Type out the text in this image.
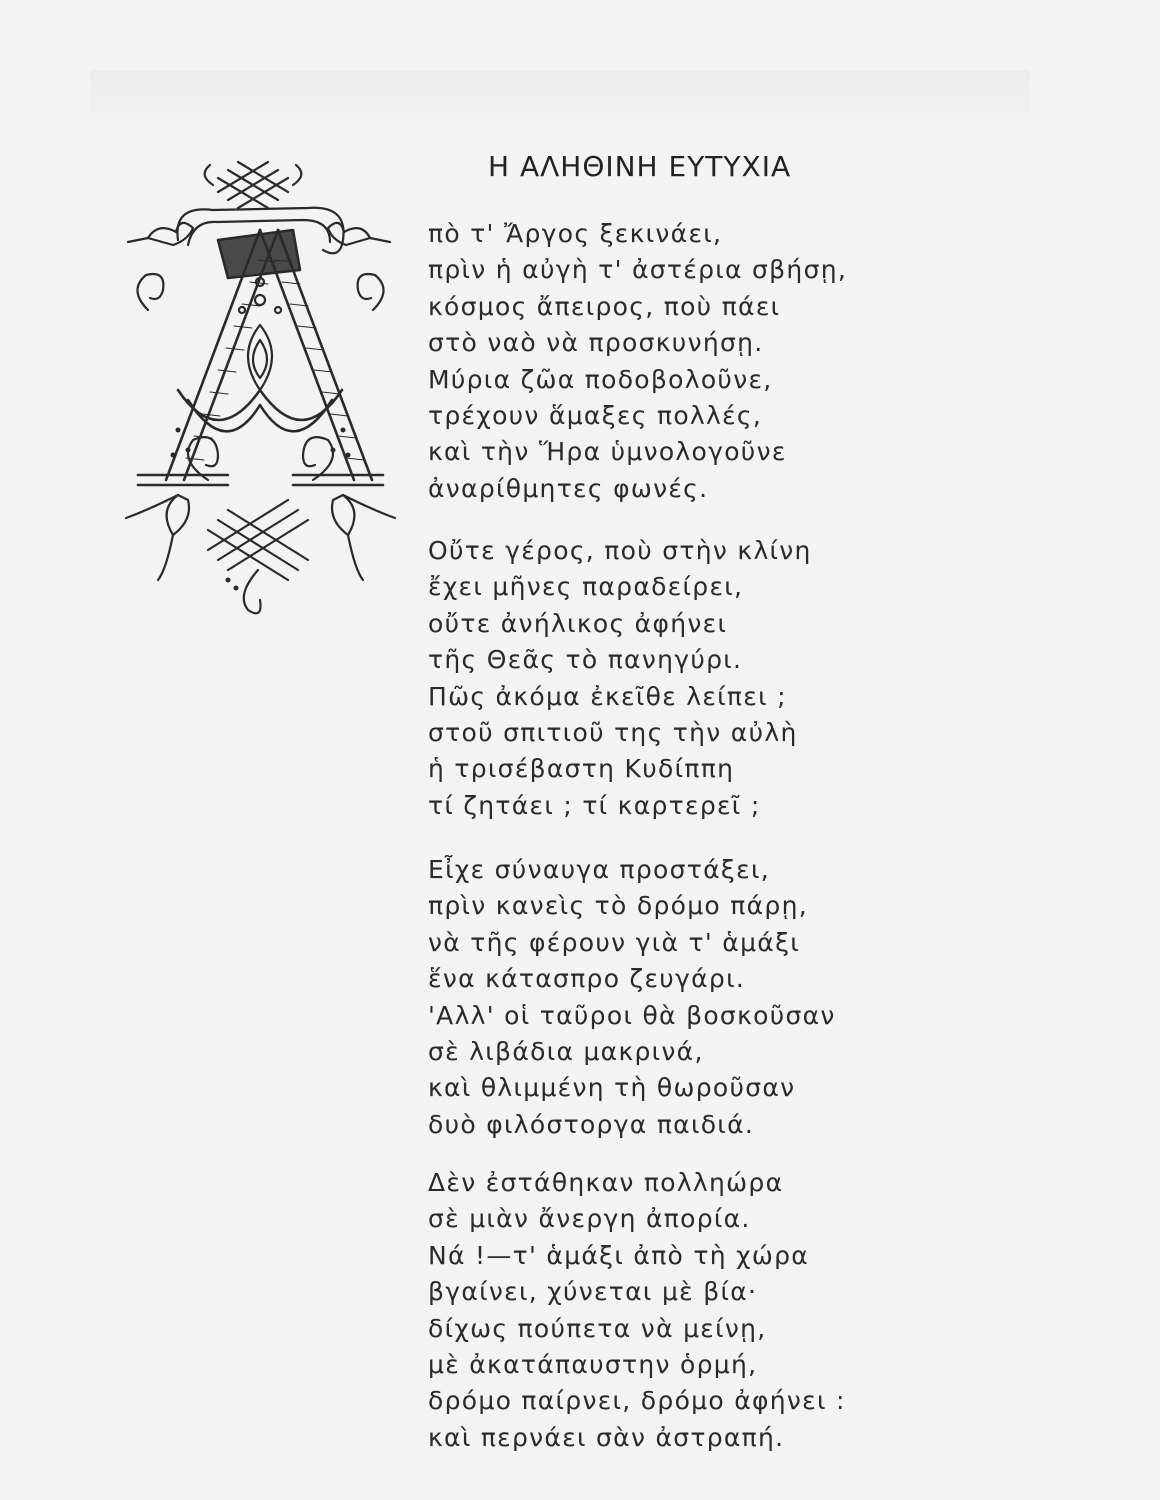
Η ΑΛΗΘΙΝΗ ΕΥΤΥΧΙΑ
πὸ τ' Ἄργος ξεκινάει,
πρὶν ἡ αὐγὴ τ' ἀστέρια σβήσῃ,
κόσμος ἄπειρος, ποὺ πάει
στὸ ναὸ νὰ προσκυνήσῃ.
Μύρια ζῶα ποδοβολοῦνε,
τρέχουν ἅμαξες πολλές,
καὶ τὴν Ἥρα ὑμνολογοῦνε
ἀναρίθμητες φωνές.
Οὔτε γέρος, ποὺ στὴν κλίνη
ἔχει μῆνες παραδείρει,
οὔτε ἀνήλικος ἀφήνει
τῆς Θεᾶς τὸ πανηγύρι.
Πῶς ἀκόμα ἐκεῖθε λείπει ;
στοῦ σπιτιοῦ της τὴν αὐλὴ
ἡ τρισέβαστη Κυδίππη
τί ζητάει ; τί καρτερεῖ ;
Εἶχε σύναυγα προστάξει,
πρὶν κανεὶς τὸ δρόμο πάρῃ,
νὰ τῆς φέρουν γιὰ τ' ἁμάξι
ἕνα κάτασπρο ζευγάρι.
'Αλλ' οἱ ταῦροι θὰ βοσκοῦσαν
σὲ λιβάδια μακρινά,
καὶ θλιμμένη τὴ θωροῦσαν
δυὸ φιλόστοργα παιδιά.
Δὲν ἐστάθηκαν πολληώρα
σὲ μιὰν ἄνεργη ἀπορία.
Νά !—τ' ἁμάξι ἀπὸ τὴ χώρα
βγαίνει, χύνεται μὲ βία·
δίχως πούπετα νὰ μείνῃ,
μὲ ἀκατάπαυστην ὁρμή,
δρόμο παίρνει, δρόμο ἀφήνει :
καὶ περνάει σὰν ἀστραπή.
